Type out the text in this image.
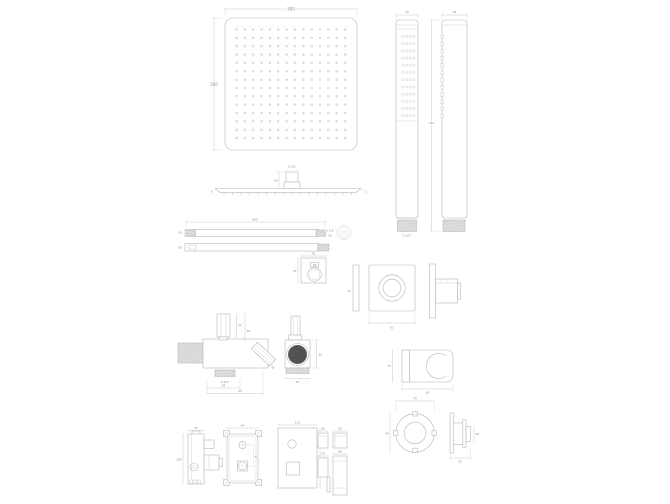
300
300
G 1/2"
40
3	2
30
G 1/2"
26
254
400
24	G 1/2"
30
26
55
55
26
31
61
22
28
20
G 1/2"
84
95
28
30
37
50
100
45
64
40
110
26	30
24	48
70
40
20
28
